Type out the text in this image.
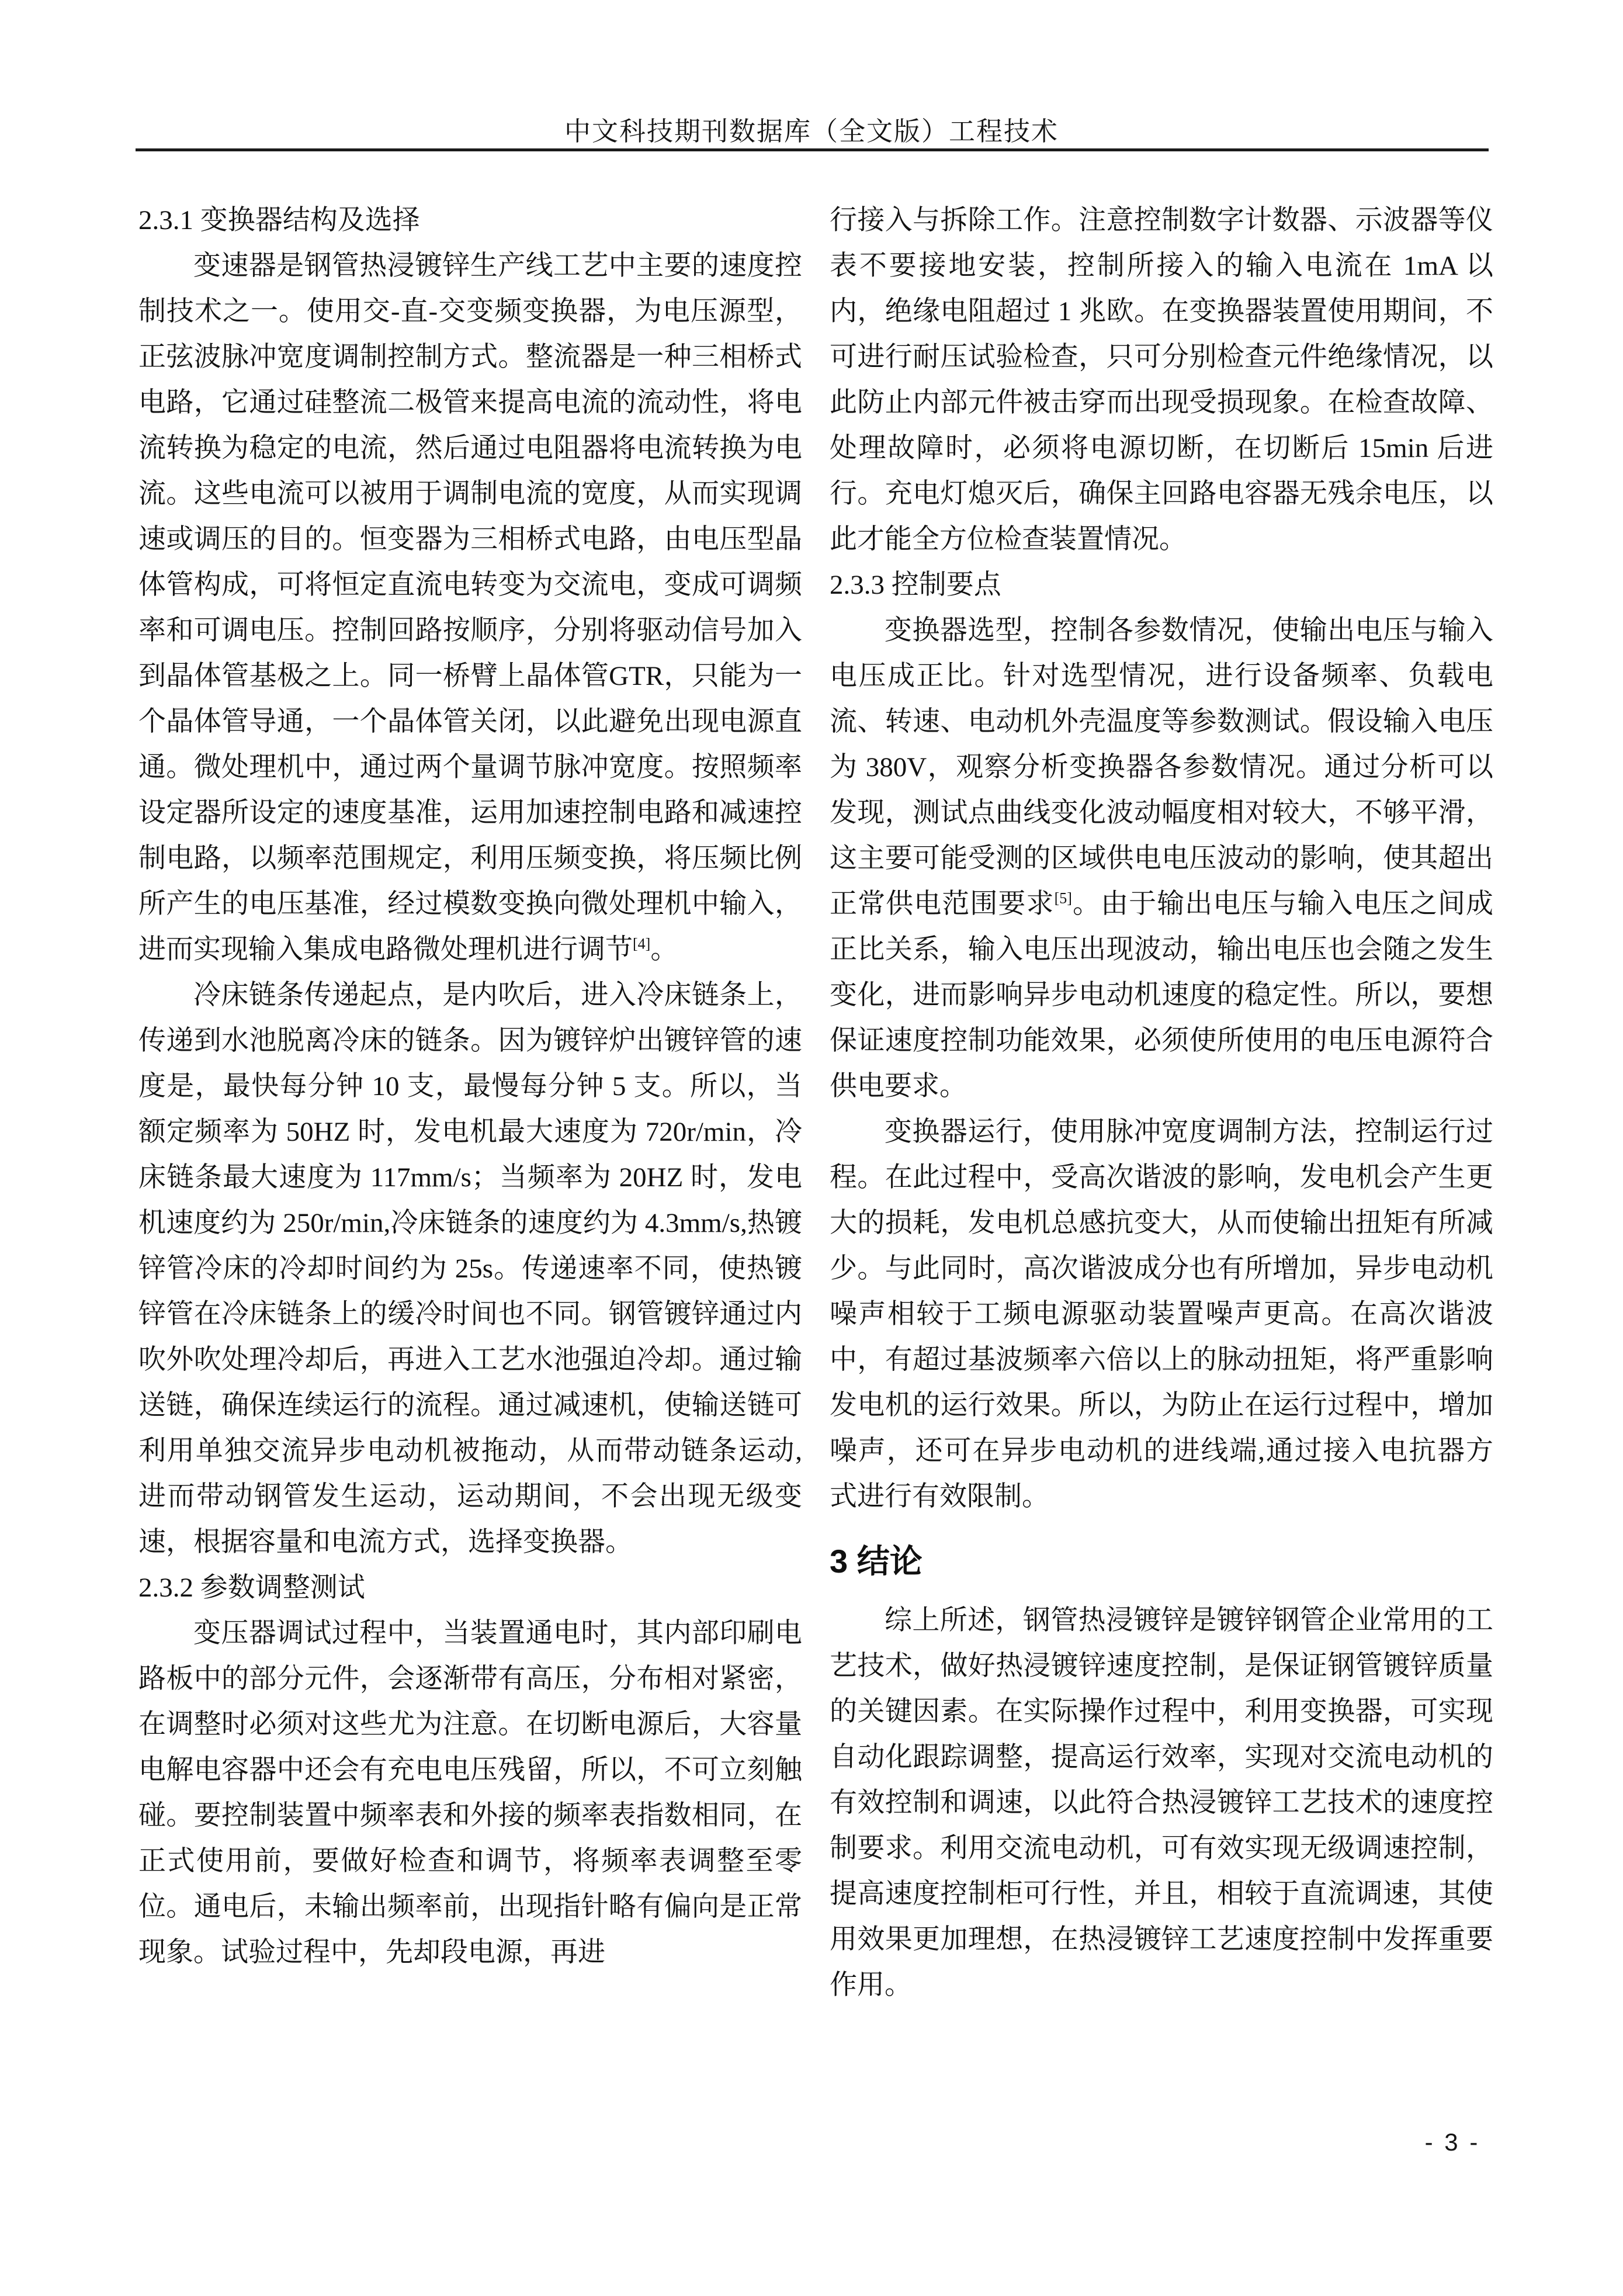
中文科技期刊数据库（全文版）工程技术
2.3.1 变换器结构及选择

变速器是钢管热浸镀锌生产线工艺中主要的速度控制技术之一。使用交-直-交变频变换器，为电压源型，正弦波脉冲宽度调制控制方式。整流器是一种三相桥式电路，它通过硅整流二极管来提高电流的流动性，将电流转换为稳定的电流，然后通过电阻器将电流转换为电流。这些电流可以被用于调制电流的宽度，从而实现调速或调压的目的。恒变器为三相桥式电路，由电压型晶体管构成，可将恒定直流电转变为交流电，变成可调频率和可调电压。控制回路按顺序，分别将驱动信号加入到晶体管基极之上。同一桥臂上晶体管GTR，只能为一个晶体管导通，一个晶体管关闭，以此避免出现电源直通。微处理机中，通过两个量调节脉冲宽度。按照频率设定器所设定的速度基准，运用加速控制电路和减速控制电路，以频率范围规定，利用压频变换，将压频比例所产生的电压基准，经过模数变换向微处理机中输入，进而实现输入集成电路微处理机进行调节[4]。

冷床链条传递起点，是内吹后，进入冷床链条上，传递到水池脱离冷床的链条。因为镀锌炉出镀锌管的速度是，最快每分钟 10 支，最慢每分钟 5 支。所以，当额定频率为 50HZ 时，发电机最大速度为 720r/min，冷床链条最大速度为 117mm/s；当频率为 20HZ 时，发电机速度约为 250r/min,冷床链条的速度约为 4.3mm/s,热镀锌管冷床的冷却时间约为 25s。传递速率不同，使热镀锌管在冷床链条上的缓冷时间也不同。钢管镀锌通过内吹外吹处理冷却后，再进入工艺水池强迫冷却。通过输送链，确保连续运行的流程。通过减速机，使输送链可利用单独交流异步电动机被拖动，从而带动链条运动,进而带动钢管发生运动，运动期间，不会出现无级变速，根据容量和电流方式，选择变换器。

2.3.2 参数调整测试

变压器调试过程中，当装置通电时，其内部印刷电路板中的部分元件，会逐渐带有高压，分布相对紧密，在调整时必须对这些尤为注意。在切断电源后，大容量电解电容器中还会有充电电压残留，所以，不可立刻触碰。要控制装置中频率表和外接的频率表指数相同，在正式使用前，要做好检查和调节，将频率表调整至零位。通电后，未输出频率前，出现指针略有偏向是正常现象。试验过程中，先却段电源，再进

行接入与拆除工作。注意控制数字计数器、示波器等仪表不要接地安装，控制所接入的输入电流在 1mA 以内，绝缘电阻超过 1 兆欧。在变换器装置使用期间，不可进行耐压试验检查，只可分别检查元件绝缘情况，以此防止内部元件被击穿而出现受损现象。在检查故障、处理故障时，必须将电源切断，在切断后 15min 后进行。充电灯熄灭后，确保主回路电容器无残余电压，以此才能全方位检查装置情况。

2.3.3 控制要点

变换器选型，控制各参数情况，使输出电压与输入电压成正比。针对选型情况，进行设备频率、负载电流、转速、电动机外壳温度等参数测试。假设输入电压为 380V，观察分析变换器各参数情况。通过分析可以发现，测试点曲线变化波动幅度相对较大，不够平滑，这主要可能受测的区域供电电压波动的影响，使其超出正常供电范围要求[5]。由于输出电压与输入电压之间成正比关系，输入电压出现波动，输出电压也会随之发生变化，进而影响异步电动机速度的稳定性。所以，要想保证速度控制功能效果，必须使所使用的电压电源符合供电要求。

变换器运行，使用脉冲宽度调制方法，控制运行过程。在此过程中，受高次谐波的影响，发电机会产生更大的损耗，发电机总感抗变大，从而使输出扭矩有所减少。与此同时，高次谐波成分也有所增加，异步电动机噪声相较于工频电源驱动装置噪声更高。在高次谐波中，有超过基波频率六倍以上的脉动扭矩，将严重影响发电机的运行效果。所以，为防止在运行过程中，增加噪声，还可在异步电动机的进线端,通过接入电抗器方式进行有效限制。

3 结论

综上所述，钢管热浸镀锌是镀锌钢管企业常用的工艺技术，做好热浸镀锌速度控制，是保证钢管镀锌质量的关键因素。在实际操作过程中，利用变换器，可实现自动化跟踪调整，提高运行效率，实现对交流电动机的有效控制和调速，以此符合热浸镀锌工艺技术的速度控制要求。利用交流电动机，可有效实现无级调速控制，提高速度控制柜可行性，并且，相较于直流调速，其使用效果更加理想，在热浸镀锌工艺速度控制中发挥重要作用。

- 3 -
